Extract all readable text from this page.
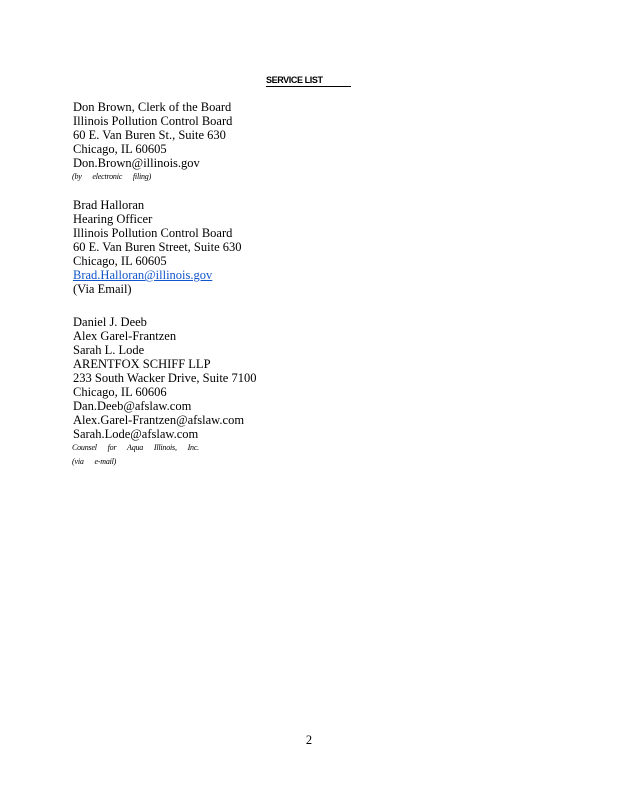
SERVICE LIST
Don Brown, Clerk of the Board
Illinois Pollution Control Board
60 E. Van Buren St., Suite 630
Chicago, IL 60605
Don.Brown@illinois.gov
(by electronic filing)
Brad Halloran
Hearing Officer
Illinois Pollution Control Board
60 E. Van Buren Street, Suite 630
Chicago, IL 60605
Brad.Halloran@illinois.gov
(Via Email)
Daniel J. Deeb
Alex Garel-Frantzen
Sarah L. Lode
ARENTFOX SCHIFF LLP
233 South Wacker Drive, Suite 7100
Chicago, IL 60606
Dan.Deeb@afslaw.com
Alex.Garel-Frantzen@afslaw.com
Sarah.Lode@afslaw.com
Counsel for Aqua Illinois, Inc.
(via e-mail)
2
